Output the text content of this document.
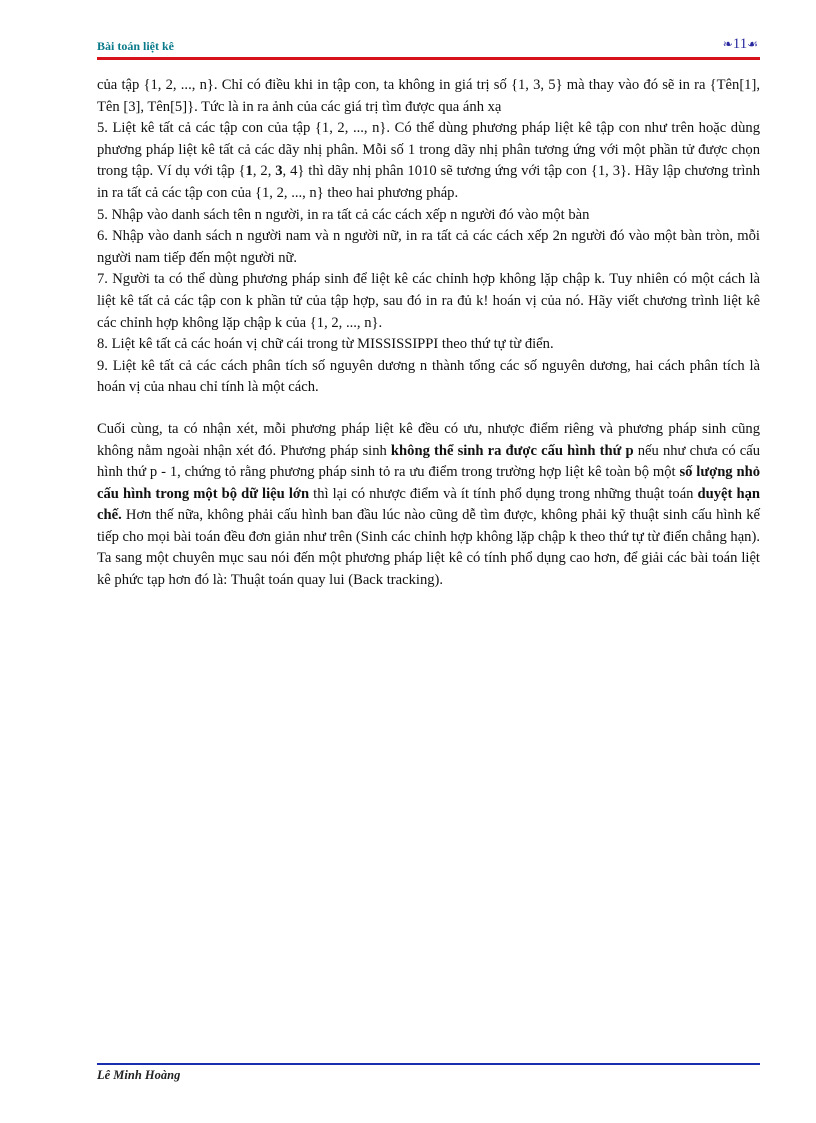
Bài toán liệt kê	❧11☙

của tập {1, 2, ..., n}. Chỉ có điều khi in tập con, ta không in giá trị số {1, 3, 5} mà thay vào đó sẽ in ra {Tên[1], Tên [3], Tên[5]}. Tức là in ra ảnh của các giá trị tìm được qua ánh xạ

5. Liệt kê tất cả các tập con của tập {1, 2, ..., n}. Có thể dùng phương pháp liệt kê tập con như trên hoặc dùng phương pháp liệt kê tất cả các dãy nhị phân. Mỗi số 1 trong dãy nhị phân tương ứng với một phần tử được chọn trong tập. Ví dụ với tập {1, 2, 3, 4} thì dãy nhị phân 1010 sẽ tương ứng với tập con {1, 3}. Hãy lập chương trình in ra tất cả các tập con của {1, 2, ..., n} theo hai phương pháp.

5. Nhập vào danh sách tên n người, in ra tất cả các cách xếp n người đó vào một bàn

6. Nhập vào danh sách n người nam và n người nữ, in ra tất cả các cách xếp 2n người đó vào một bàn tròn, mỗi người nam tiếp đến một người nữ.

7. Người ta có thể dùng phương pháp sinh để liệt kê các chỉnh hợp không lặp chập k. Tuy nhiên có một cách là liệt kê tất cả các tập con k phần tử của tập hợp, sau đó in ra đủ k! hoán vị của nó. Hãy viết chương trình liệt kê các chỉnh hợp không lặp chập k của {1, 2, ..., n}.

8. Liệt kê tất cả các hoán vị chữ cái trong từ MISSISSIPPI theo thứ tự từ điển.

9. Liệt kê tất cả các cách phân tích số nguyên dương n thành tổng các số nguyên dương, hai cách phân tích là hoán vị của nhau chỉ tính là một cách.

Cuối cùng, ta có nhận xét, mỗi phương pháp liệt kê đều có ưu, nhược điểm riêng và phương pháp sinh cũng không nằm ngoài nhận xét đó. Phương pháp sinh không thể sinh ra được cấu hình thứ p nếu như chưa có cấu hình thứ p - 1, chứng tỏ rằng phương pháp sinh tỏ ra ưu điểm trong trường hợp liệt kê toàn bộ một số lượng nhỏ cấu hình trong một bộ dữ liệu lớn thì lại có nhược điểm và ít tính phổ dụng trong những thuật toán duyệt hạn chế. Hơn thế nữa, không phải cấu hình ban đầu lúc nào cũng dễ tìm được, không phải kỹ thuật sinh cấu hình kế tiếp cho mọi bài toán đều đơn giản như trên (Sinh các chỉnh hợp không lặp chập k theo thứ tự từ điển chẳng hạn). Ta sang một chuyên mục sau nói đến một phương pháp liệt kê có tính phổ dụng cao hơn, để giải các bài toán liệt kê phức tạp hơn đó là: Thuật toán quay lui (Back tracking).

Lê Minh Hoàng
